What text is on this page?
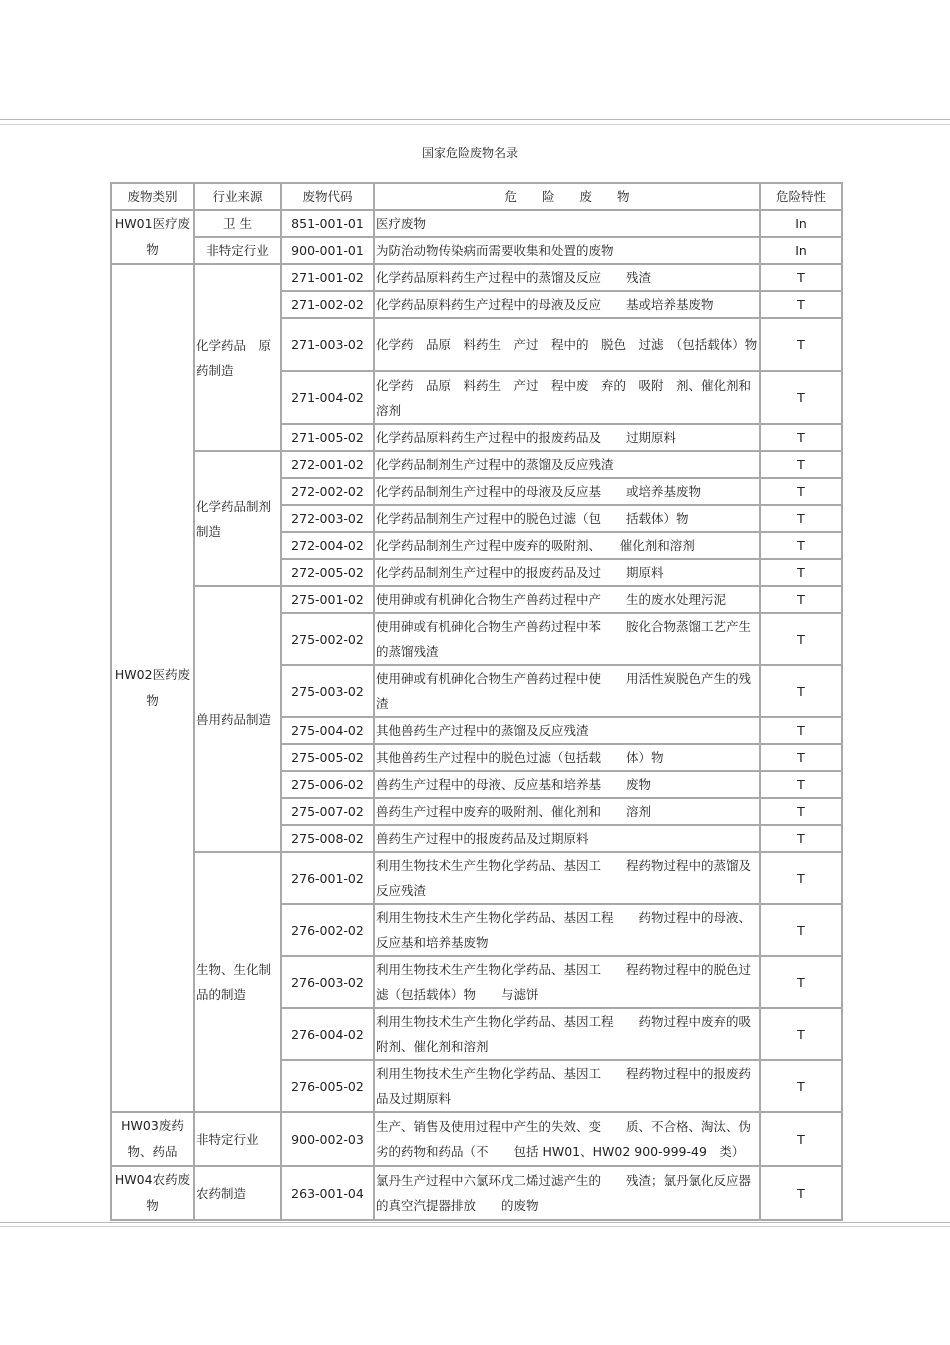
国家危险废物名录
废物类别	行业来源	废物代码	危　　险　　废　　物	危险特性
HW01医疗废物	卫 生	851-001-01	医疗废物	In
	非特定行业	900-001-01	为防治动物传染病而需要收集和处置的废物	In
HW02医药废物	化学药品　原药制造	271-001-02	化学药品原料药生产过程中的蒸馏及反应　　残渣	T
		271-002-02	化学药品原料药生产过程中的母液及反应　　基或培养基废物	T
		271-003-02	化学药　品原　料药生　产过　程中的　脱色　过滤　（包括载体）物	T
		271-004-02	化学药　品原　料药生　产过　程中废　弃的　吸附　剂、催化剂和溶剂	T
		271-005-02	化学药品原料药生产过程中的报废药品及　　过期原料	T
	化学药品制剂制造	272-001-02	化学药品制剂生产过程中的蒸馏及反应残渣	T
		272-002-02	化学药品制剂生产过程中的母液及反应基　　或培养基废物	T
		272-003-02	化学药品制剂生产过程中的脱色过滤（包　　括载体）物	T
		272-004-02	化学药品制剂生产过程中废弃的吸附剂、　　催化剂和溶剂	T
		272-005-02	化学药品制剂生产过程中的报废药品及过　　期原料	T
	兽用药品制造	275-001-02	使用砷或有机砷化合物生产兽药过程中产　　生的废水处理污泥	T
		275-002-02	使用砷或有机砷化合物生产兽药过程中苯　　胺化合物蒸馏工艺产生的蒸馏残渣	T
		275-003-02	使用砷或有机砷化合物生产兽药过程中使　　用活性炭脱色产生的残渣	T
		275-004-02	其他兽药生产过程中的蒸馏及反应残渣	T
		275-005-02	其他兽药生产过程中的脱色过滤（包括载　　体）物	T
		275-006-02	兽药生产过程中的母液、反应基和培养基　　废物	T
		275-007-02	兽药生产过程中废弃的吸附剂、催化剂和　　溶剂	T
		275-008-02	兽药生产过程中的报废药品及过期原料	T
	生物、生化制品的制造	276-001-02	利用生物技术生产生物化学药品、基因工　　程药物过程中的蒸馏及反应残渣	T
		276-002-02	利用生物技术生产生物化学药品、基因工程　　药物过程中的母液、反应基和培养基废物	T
		276-003-02	利用生物技术生产生物化学药品、基因工　　程药物过程中的脱色过滤（包括载体）物　　与滤饼	T
		276-004-02	利用生物技术生产生物化学药品、基因工程　　药物过程中废弃的吸附剂、催化剂和溶剂	T
		276-005-02	利用生物技术生产生物化学药品、基因工　　程药物过程中的报废药品及过期原料	T
HW03废药物、药品	非特定行业	900-002-03	生产、销售及使用过程中产生的失效、变　　质、不合格、淘汰、伪劣的药物和药品（不　　包括 HW01、HW02 900-999-49　类）	T
HW04农药废物	农药制造	263-001-04	氯丹生产过程中六氯环戊二烯过滤产生的　　残渣；氯丹氯化反应器的真空汽提器排放　　的废物	T
